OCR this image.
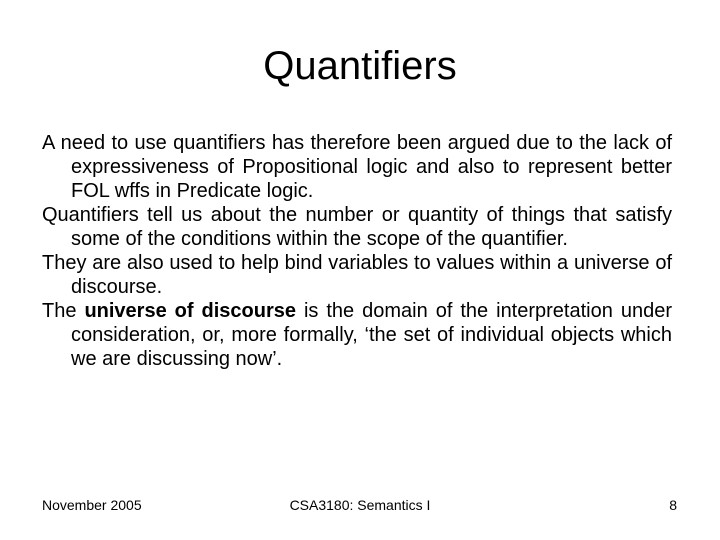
Quantifiers

A need to use quantifiers has therefore been argued due to the lack of expressiveness of Propositional logic and also to represent better FOL wffs in Predicate logic.

Quantifiers tell us about the number or quantity of things that satisfy some of the conditions within the scope of the quantifier.

They are also used to help bind variables to values within a universe of discourse.

The universe of discourse is the domain of the interpretation under consideration, or, more formally, ‘the set of individual objects which we are discussing now’.

November 2005	CSA3180: Semantics I	8
